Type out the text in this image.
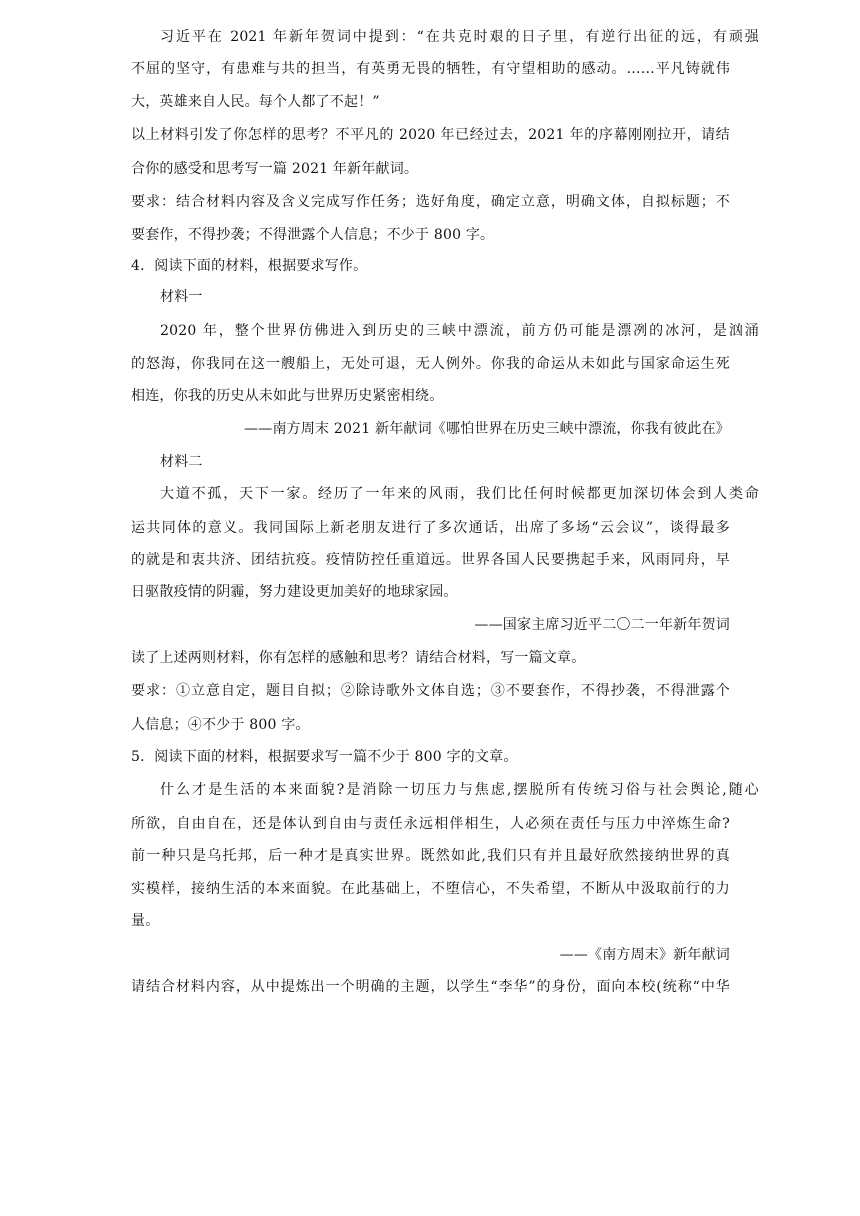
习近平在 2021 年新年贺词中提到：“在共克时艰的日子里，有逆行出征的远，有顽强
不屈的坚守，有患难与共的担当，有英勇无畏的牺牲，有守望相助的感动。……平凡铸就伟
大，英雄来自人民。每个人都了不起！”
以上材料引发了你怎样的思考？不平凡的 2020 年已经过去，2021 年的序幕刚刚拉开，请结
合你的感受和思考写一篇 2021 年新年献词。
要求：结合材料内容及含义完成写作任务；选好角度，确定立意，明确文体，自拟标题；不
要套作，不得抄袭；不得泄露个人信息；不少于 800 字。
4．阅读下面的材料，根据要求写作。
材料一
2020 年，整个世界仿佛进入到历史的三峡中漂流，前方仍可能是漂冽的冰河，是汹涌
的怒海，你我同在这一艘船上，无处可退，无人例外。你我的命运从未如此与国家命运生死
相连，你我的历史从未如此与世界历史紧密相绕。
——南方周末 2021 新年献词《哪怕世界在历史三峡中漂流，你我有彼此在》
材料二
大道不孤，天下一家。经历了一年来的风雨，我们比任何时候都更加深切体会到人类命
运共同体的意义。我同国际上新老朋友进行了多次通话，出席了多场“云会议”，谈得最多
的就是和衷共济、团结抗疫。疫情防控任重道远。世界各国人民要携起手来，风雨同舟，早
日驱散疫情的阴霾，努力建设更加美好的地球家园。
——国家主席习近平二〇二一年新年贺词
读了上述两则材料，你有怎样的感触和思考？请结合材料，写一篇文章。
要求：①立意自定，题目自拟；②除诗歌外文体自选；③不要套作，不得抄袭，不得泄露个
人信息；④不少于 800 字。
5．阅读下面的材料，根据要求写一篇不少于 800 字的文章。
什么才是生活的本来面貌?是消除一切压力与焦虑,摆脱所有传统习俗与社会舆论,随心
所欲，自由自在，还是体认到自由与责任永远相伴相生，人必须在责任与压力中淬炼生命?
前一种只是乌托邦，后一种才是真实世界。既然如此,我们只有并且最好欣然接纳世界的真
实模样，接纳生活的本来面貌。在此基础上，不堕信心，不失希望，不断从中汲取前行的力
量。
——《南方周末》新年献词
请结合材料内容，从中提炼出一个明确的主题，以学生“李华”的身份，面向本校(统称“中华
